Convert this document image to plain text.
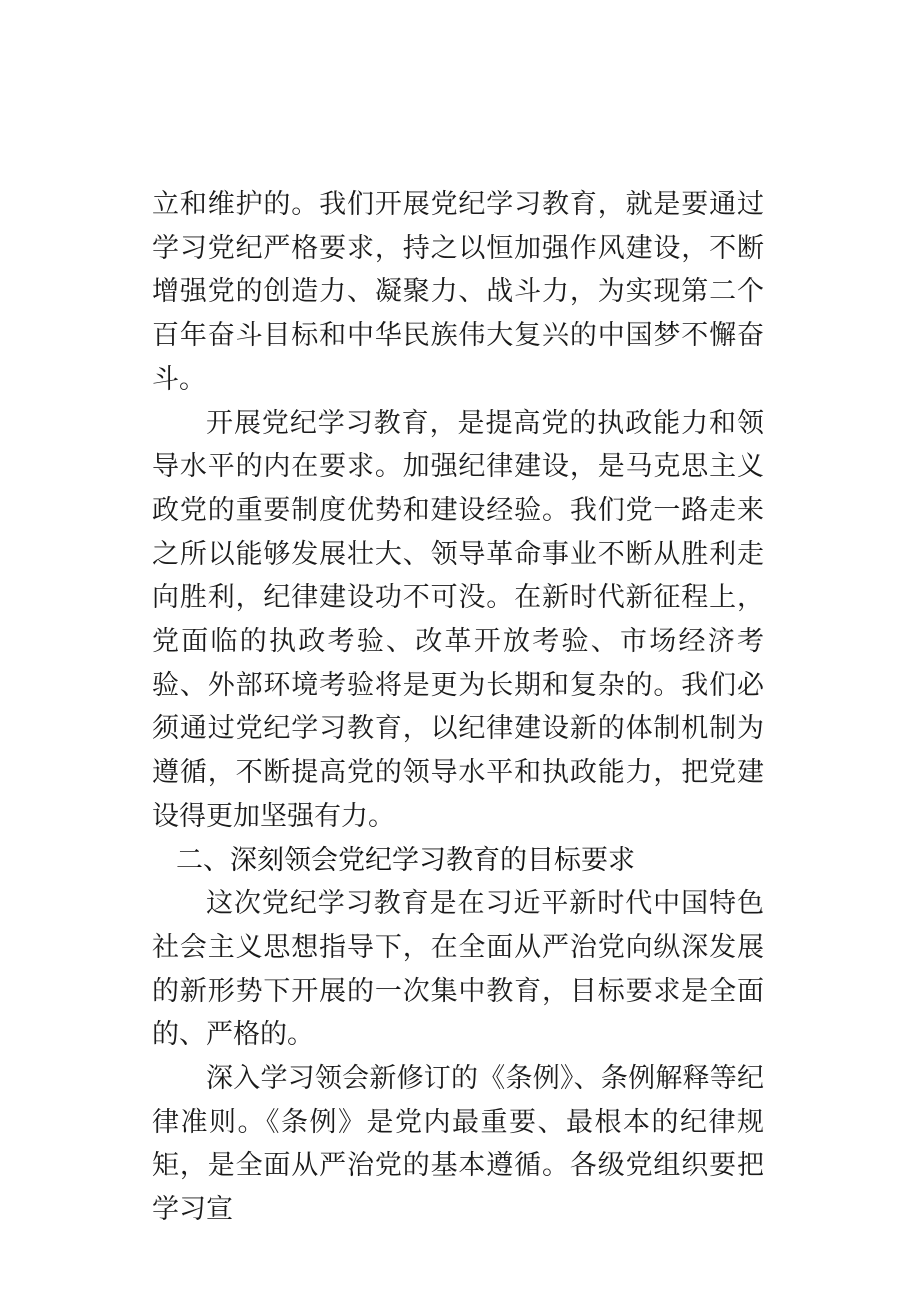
立和维护的。我们开展党纪学习教育，就是要通过学习党纪严格要求，持之以恒加强作风建设，不断增强党的创造力、凝聚力、战斗力，为实现第二个百年奋斗目标和中华民族伟大复兴的中国梦不懈奋斗。

开展党纪学习教育，是提高党的执政能力和领导水平的内在要求。加强纪律建设，是马克思主义政党的重要制度优势和建设经验。我们党一路走来之所以能够发展壮大、领导革命事业不断从胜利走向胜利，纪律建设功不可没。在新时代新征程上，党面临的执政考验、改革开放考验、市场经济考验、外部环境考验将是更为长期和复杂的。我们必须通过党纪学习教育，以纪律建设新的体制机制为遵循，不断提高党的领导水平和执政能力，把党建设得更加坚强有力。

二、深刻领会党纪学习教育的目标要求

这次党纪学习教育是在习近平新时代中国特色社会主义思想指导下，在全面从严治党向纵深发展的新形势下开展的一次集中教育，目标要求是全面的、严格的。

深入学习领会新修订的《条例》、条例解释等纪律准则。《条例》是党内最重要、最根本的纪律规矩，是全面从严治党的基本遵循。各级党组织要把学习宣
